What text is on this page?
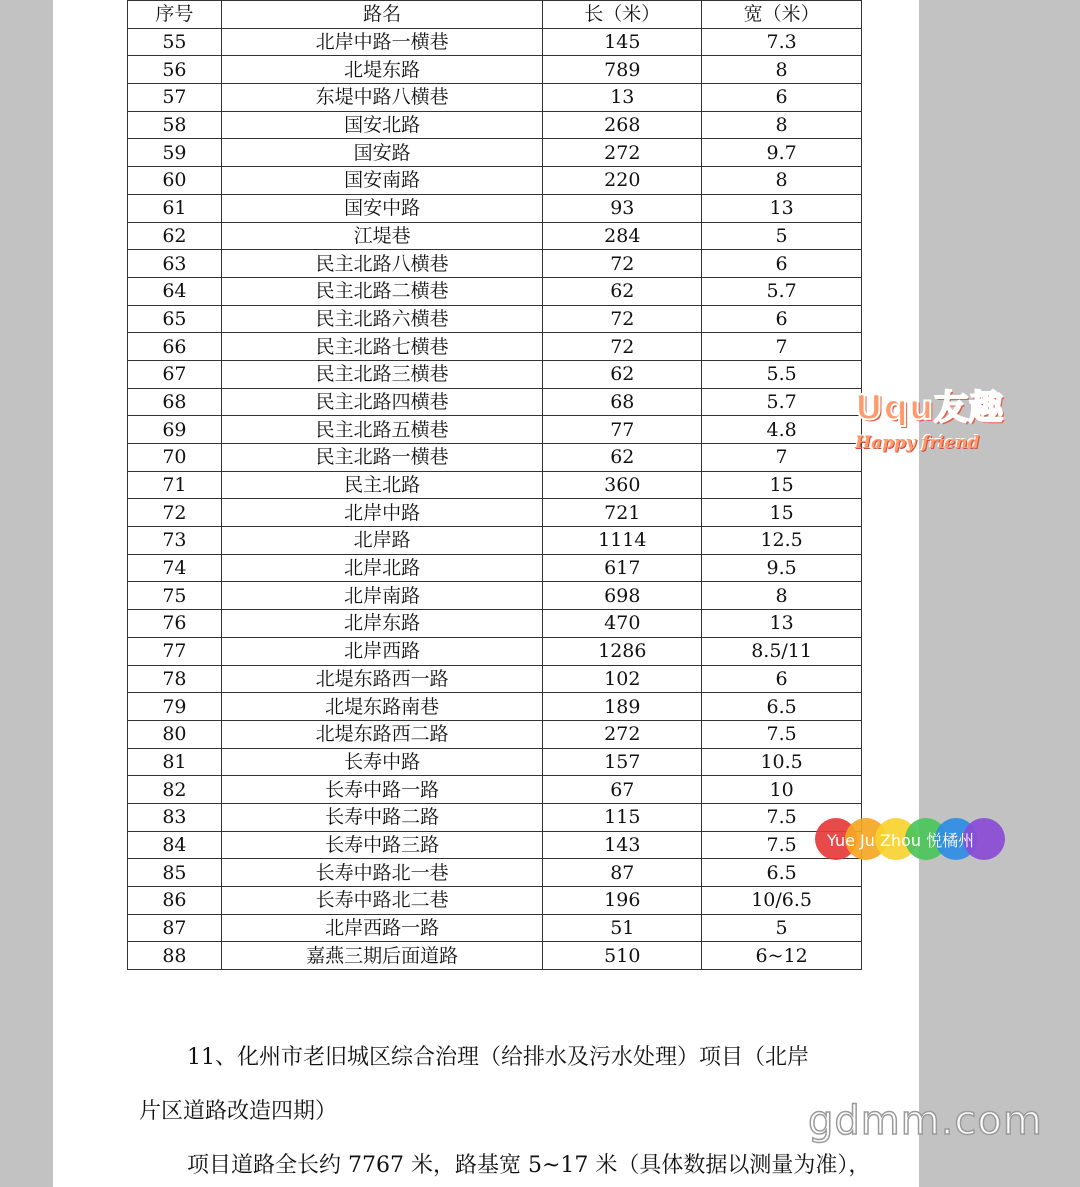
序号	路名	长（米）	宽（米）
55	北岸中路一横巷	145	7.3
56	北堤东路	789	8
57	东堤中路八横巷	13	6
58	国安北路	268	8
59	国安路	272	9.7
60	国安南路	220	8
61	国安中路	93	13
62	江堤巷	284	5
63	民主北路八横巷	72	6
64	民主北路二横巷	62	5.7
65	民主北路六横巷	72	6
66	民主北路七横巷	72	7
67	民主北路三横巷	62	5.5
68	民主北路四横巷	68	5.7
69	民主北路五横巷	77	4.8
70	民主北路一横巷	62	7
71	民主北路	360	15
72	北岸中路	721	15
73	北岸路	1114	12.5
74	北岸北路	617	9.5
75	北岸南路	698	8
76	北岸东路	470	13
77	北岸西路	1286	8.5/11
78	北堤东路西一路	102	6
79	北堤东路南巷	189	6.5
80	北堤东路西二路	272	7.5
81	长寿中路	157	10.5
82	长寿中路一路	67	10
83	长寿中路二路	115	7.5
84	长寿中路三路	143	7.5
85	长寿中路北一巷	87	6.5
86	长寿中路北二巷	196	10/6.5
87	北岸西路一路	51	5
88	嘉燕三期后面道路	510	6~12
11、化州市老旧城区综合治理（给排水及污水处理）项目（北岸
片区道路改造四期）
项目道路全长约 7767 米，路基宽 5~17 米（具体数据以测量为准），
Uqu友趣
Happy friend
Yue Ju Zhou 悦橘州
gdmm.com
